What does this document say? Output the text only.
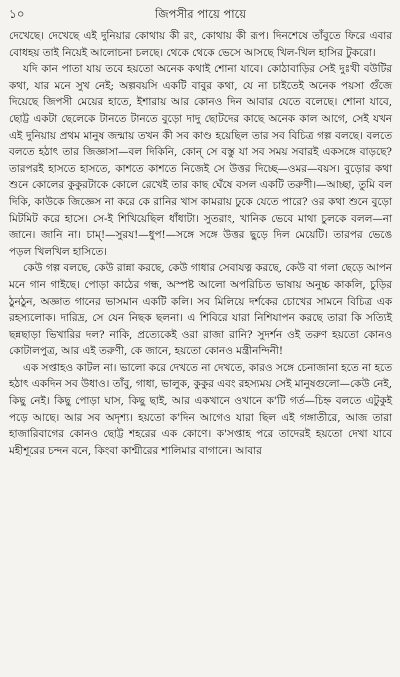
১০	জিপসীর পায়ে পায়ে

দেখেছে। দেখেছে এই দুনিয়ার কোথায় কী রং, কোথায় কী রূপ। দিনশেষে তাঁবুতে ফিরে এবার বোধহয় তাই নিয়েই আলোচনা চলছে। থেকে থেকে ভেসে আসছে খিল-খিল হাসির টুকরো।

যদি কান পাতা যায় তবে হয়তো অনেক কথাই শোনা যাবে। কোঠাবাড়ির সেই দুঃখী বউটির কথা, যার মনে সুখ নেই; অল্পবয়সি একটি বাবুর কথা, যে না চাইতেই অনেক পয়সা গুঁজে দিয়েছে জিপসী মেয়ের হাতে, ইশারায় আর কোনও দিন আবার যেতে বলেছে। শোনা যাবে, ছোট্ট একটা ছেলেকে টানতে টানতে বুড়ো দাদু ছোটদের কাছে অনেক কাল আগে, সেই যখন এই দুনিয়ায় প্রথম মানুষ জন্মায় তখন কী সব কাণ্ড হয়েছিল তার সব বিচিত্র গল্প বলছে। বলতে বলতে হঠাৎ তার জিজ্ঞাসা—বল দিকিনি, কোন্‌ সে বস্তু যা সব সময় সবারই একসঙ্গে বাড়ছে? তারপরই হাসতে হাসতে, কাশতে কাশতে নিজেই সে উত্তর দিচ্ছে—ওমর—বয়স। বুড়োর কথা শুনে কোলের কুকুরটাকে কোলে রেখেই তার কাছ ঘেঁষে বসল একটি তরুণী।—আচ্ছা, তুমি বল দিকি, কাউকে জিজ্ঞেস না করে কে রানির খাস কামরায় ঢুকে যেতে পারে? ওর কথা শুনে বুড়ো মিটমিট করে হাসে। সে-ই শিখিয়েছিল ধাঁধাটা। সুতরাং, খানিক ভেবে মাথা চুলকে বলল—না জানে। জানি না। চাম্‌!—সুরয!—ধুপ!—সঙ্গে সঙ্গে উত্তর ছুড়ে দিল মেয়েটি। তারপর ভেঙে পড়ল খিলখিল হাসিতে।

কেউ গল্প বলছে, কেউ রান্না করছে, কেউ গাধার সেবাযত্ন করছে, কেউ বা গলা ছেড়ে আপন মনে গান গাইছে। পোড়া কাঠের গন্ধ, অস্পষ্ট আলো অপরিচিত ভাষায় অনুচ্চ কাকলি, চুড়ির ঠুনঠুন, অজ্ঞাত গানের ভাসমান একটি কলি। সব মিলিয়ে দর্শকের চোখের সামনে বিচিত্র এক রহস্যলোক। দারিদ্র, সে যেন নিছক ছলনা। এ শিবিরে যারা নিশিযাপন করছে তারা কি সত্যিই ছন্নছাড়া ভিখারির দল? নাকি, প্রত্যেকেই ওরা রাজা রানি? সুদর্শন ওই তরুণ হয়তো কোনও কোটালপুত্র, আর এই তরুণী, কে জানে, হয়তো কোনও মন্ত্রীনন্দিনী!

এক সপ্তাহও কাটল না। ভালো করে দেখতে না দেখতে, কারও সঙ্গে চেনাজানা হতে না হতে হঠাৎ একদিন সব উধাও। তাঁবু, গাধা, ভালুক, কুকুর এবং রহস্যময় সেই মানুষগুলো—কেউ নেই, কিছু নেই। কিছু পোড়া ঘাস, কিছু ছাই, আর একখানে ওখানে ক'টি গর্ত—চিহ্ন বলতে এটুকুই পড়ে আছে। আর সব অদৃশ্য। হয়তো ক'দিন আগেও যারা ছিল এই গঙ্গাতীরে, আজ তারা হাজারিবাগের কোনও ছোট্ট শহরের এক কোণে। ক'সপ্তাহ পরে তাদেরই হয়তো দেখা যাবে মহীশূরের চন্দন বনে, কিংবা কাশ্মীরের শালিমার বাগানে। আবার
